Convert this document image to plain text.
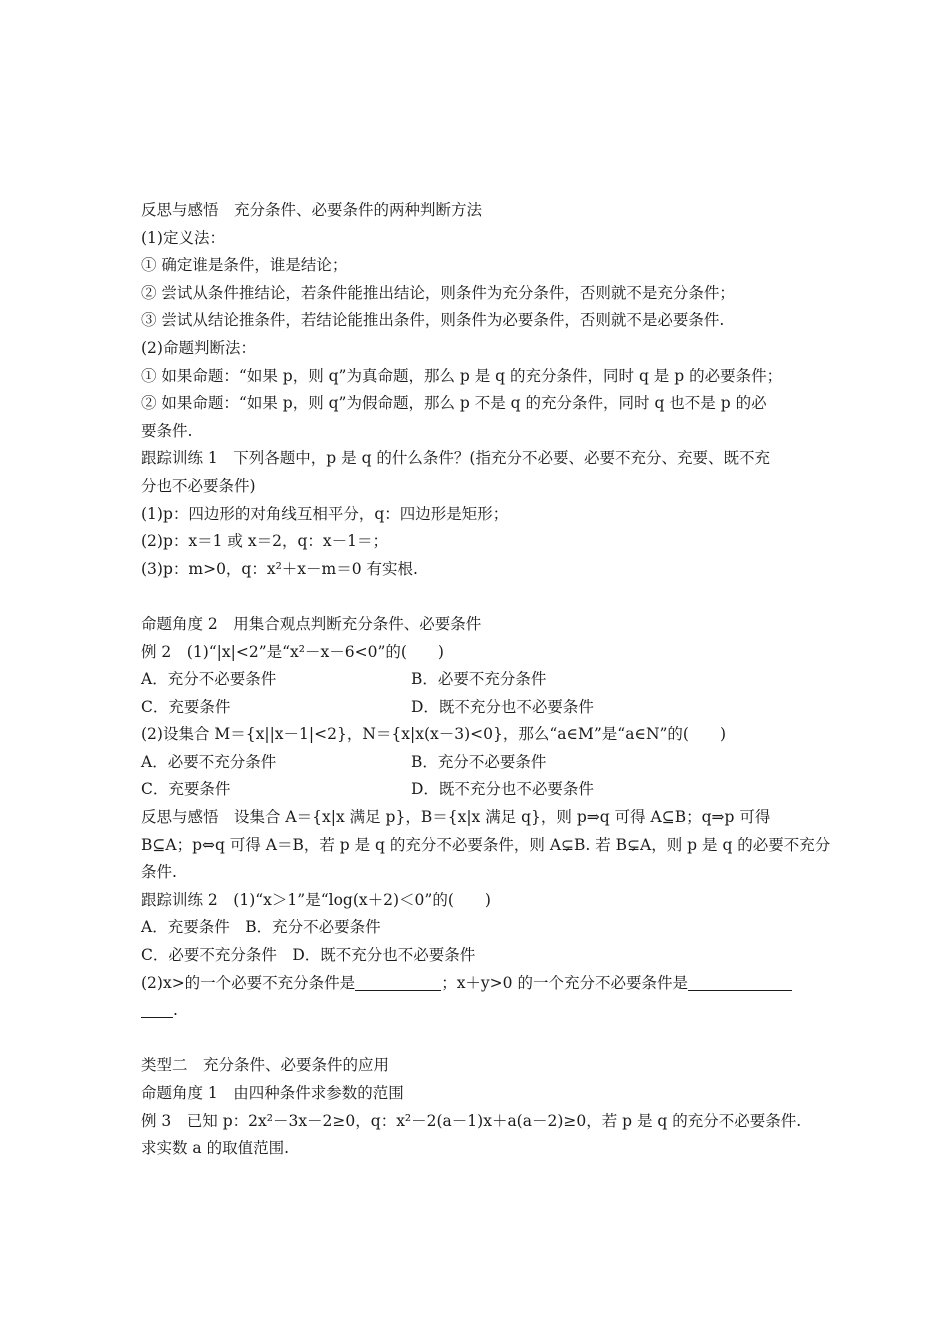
反思与感悟　充分条件、必要条件的两种判断方法
(1)定义法：
① 确定谁是条件，谁是结论；
② 尝试从条件推结论，若条件能推出结论，则条件为充分条件，否则就不是充分条件；
③ 尝试从结论推条件，若结论能推出条件，则条件为必要条件，否则就不是必要条件.
(2)命题判断法：
① 如果命题：“如果 p，则 q”为真命题，那么 p 是 q 的充分条件，同时 q 是 p 的必要条件；
② 如果命题：“如果 p，则 q”为假命题，那么 p 不是 q 的充分条件，同时 q 也不是 p 的必
要条件.
跟踪训练 1　下列各题中，p 是 q 的什么条件？(指充分不必要、必要不充分、充要、既不充
分也不必要条件)
(1)p：四边形的对角线互相平分，q：四边形是矩形；
(2)p：x＝1 或 x＝2，q：x－1＝；
(3)p：m>0，q：x²＋x－m＝0 有实根.
命题角度 2　用集合观点判断充分条件、必要条件
例 2　(1)“|x|<2”是“x²－x－6<0”的(　　)
A．充分不必要条件	B．必要不充分条件
C．充要条件	D．既不充分也不必要条件
(2)设集合 M＝{x||x－1|<2}，N＝{x|x(x－3)<0}，那么“a∈M”是“a∈N”的(　　)
A．必要不充分条件	B．充分不必要条件
C．充要条件	D．既不充分也不必要条件
反思与感悟　设集合 A＝{x|x 满足 p}，B＝{x|x 满足 q}，则 p⇒q 可得 A⊆B；q⇒p 可得
B⊆A；p⇔q 可得 A＝B，若 p 是 q 的充分不必要条件，则 A⊊B. 若 B⊊A，则 p 是 q 的必要不充分
条件.
跟踪训练 2　(1)“x＞1”是“log(x＋2)＜0”的(　　)
A．充要条件　B．充分不必要条件
C．必要不充分条件　D．既不充分也不必要条件
(2)x>的一个必要不充分条件是	；x＋y>0 的一个充分不必要条件是
.
类型二　充分条件、必要条件的应用
命题角度 1　由四种条件求参数的范围
例 3　已知 p：2x²－3x－2≥0，q：x²－2(a－1)x＋a(a－2)≥0，若 p 是 q 的充分不必要条件.
求实数 a 的取值范围.
